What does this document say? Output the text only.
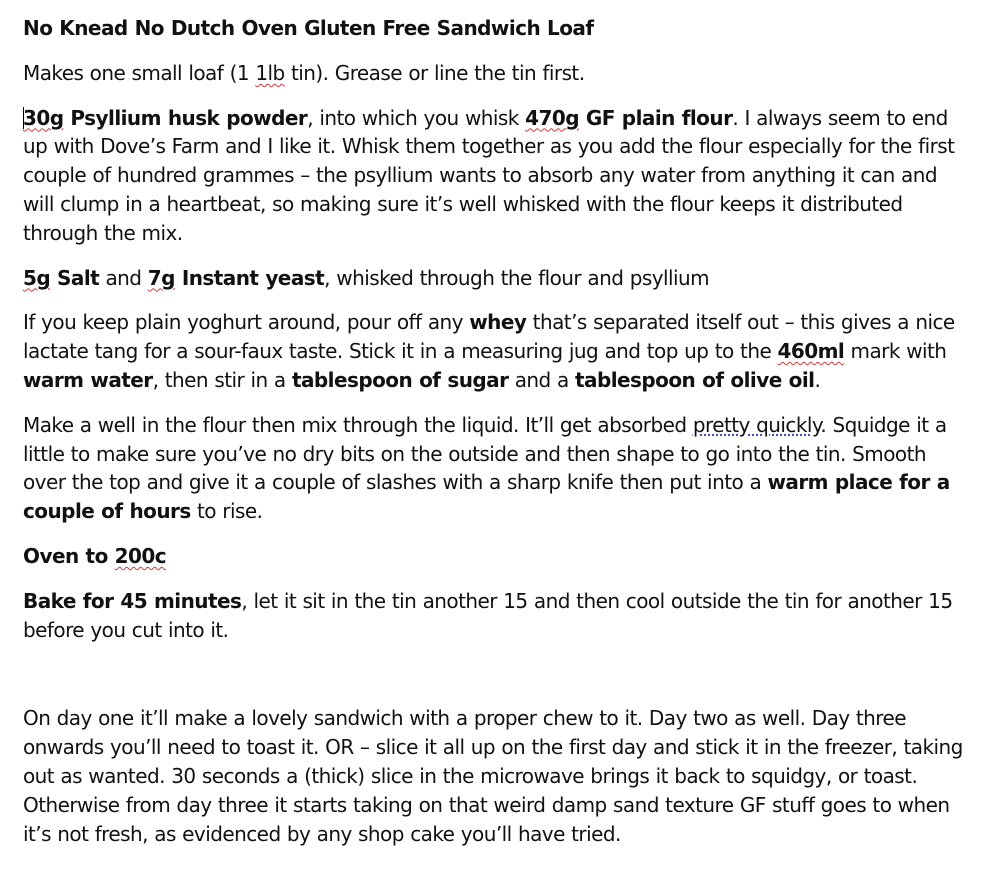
No Knead No Dutch Oven Gluten Free Sandwich Loaf

Makes one small loaf (1 1lb tin). Grease or line the tin first.

30g Psyllium husk powder, into which you whisk 470g GF plain flour. I always seem to end up with Dove’s Farm and I like it. Whisk them together as you add the flour especially for the first couple of hundred grammes – the psyllium wants to absorb any water from anything it can and will clump in a heartbeat, so making sure it’s well whisked with the flour keeps it distributed through the mix.

5g Salt and 7g Instant yeast, whisked through the flour and psyllium

If you keep plain yoghurt around, pour off any whey that’s separated itself out – this gives a nice lactate tang for a sour-faux taste. Stick it in a measuring jug and top up to the 460ml mark with warm water, then stir in a tablespoon of sugar and a tablespoon of olive oil.

Make a well in the flour then mix through the liquid. It’ll get absorbed pretty quickly. Squidge it a little to make sure you’ve no dry bits on the outside and then shape to go into the tin. Smooth over the top and give it a couple of slashes with a sharp knife then put into a warm place for a couple of hours to rise.

Oven to 200c

Bake for 45 minutes, let it sit in the tin another 15 and then cool outside the tin for another 15 before you cut into it.

On day one it’ll make a lovely sandwich with a proper chew to it. Day two as well. Day three onwards you’ll need to toast it. OR – slice it all up on the first day and stick it in the freezer, taking out as wanted. 30 seconds a (thick) slice in the microwave brings it back to squidgy, or toast. Otherwise from day three it starts taking on that weird damp sand texture GF stuff goes to when it’s not fresh, as evidenced by any shop cake you’ll have tried.
